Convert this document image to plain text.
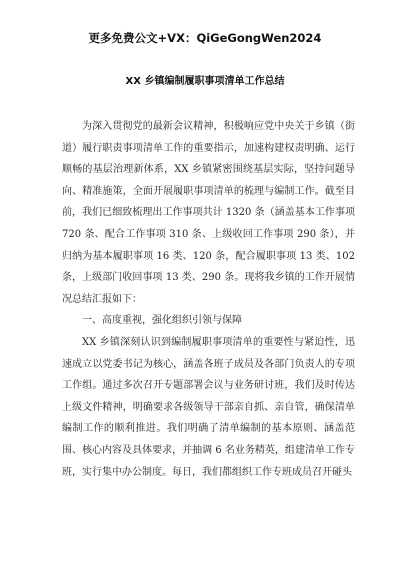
更多免费公文+VX：QiGeGongWen2024
XX 乡镇编制履职事项清单工作总结

为深入贯彻党的最新会议精神，积极响应党中央关于乡镇（街道）履行职责事项清单工作的重要指示，加速构建权责明确、运行顺畅的基层治理新体系，XX 乡镇紧密围绕基层实际，坚持问题导向、精准施策，全面开展履职事项清单的梳理与编制工作。截至目前，我们已细致梳理出工作事项共计 1320 条（涵盖基本工作事项 720 条、配合工作事项 310 条、上级收回工作事项 290 条），并归纳为基本履职事项 16 类、120 条，配合履职事项 13 类、102 条，上级部门收回事项 13 类、290 条。现将我乡镇的工作开展情况总结汇报如下：

一、高度重视，强化组织引领与保障

XX 乡镇深刻认识到编制履职事项清单的重要性与紧迫性，迅速成立以党委书记为核心，涵盖各班子成员及各部门负责人的专项工作组。通过多次召开专题部署会议与业务研讨班，我们及时传达上级文件精神，明确要求各级领导干部亲自抓、亲自管，确保清单编制工作的顺利推进。我们明确了清单编制的基本原则、涵盖范围、核心内容及具体要求，并抽调 6 名业务精英，组建清单工作专班，实行集中办公制度。每日，我们都组织工作专班成员召开碰头
